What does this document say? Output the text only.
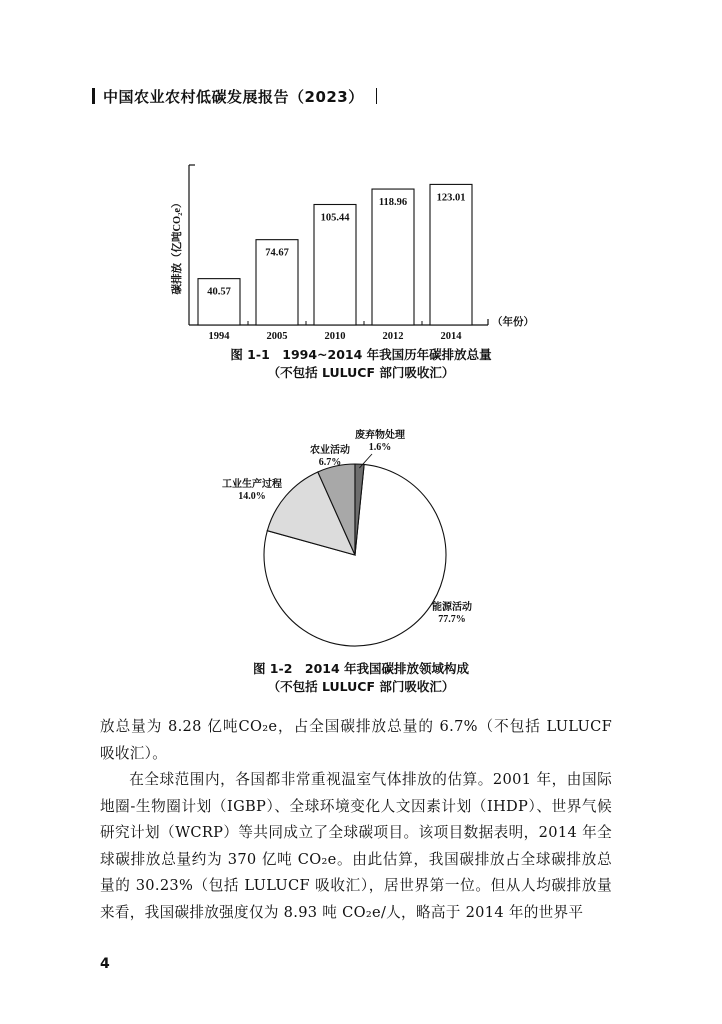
中国农业农村低碳发展报告（2023）
40.57
74.67
105.44
118.96	123.01
1994	2005	2010	2012	2014
碳排放（亿吨CO₂e）
（年份）
图 1-1　1994~2014 年我国历年碳排放总量
（不包括 LULUCF 部门吸收汇）
能源活动
77.7%
工业生产过程
14.0%
农业活动
6.7%
废弃物处理
1.6%
图 1-2　2014 年我国碳排放领域构成
（不包括 LULUCF 部门吸收汇）

放总量为 8.28 亿吨CO₂e，占全国碳排放总量的 6.7%（不包括 LULUCF 吸收汇）。

在全球范围内，各国都非常重视温室气体排放的估算。2001 年，由国际地圈-生物圈计划（IGBP）、全球环境变化人文因素计划（IHDP）、世界气候研究计划（WCRP）等共同成立了全球碳项目。该项目数据表明，2014 年全球碳排放总量约为 370 亿吨 CO₂e。由此估算，我国碳排放占全球碳排放总量的 30.23%（包括 LULUCF 吸收汇），居世界第一位。但从人均碳排放量来看，我国碳排放强度仅为 8.93 吨 CO₂e/人，略高于 2014 年的世界平

4
